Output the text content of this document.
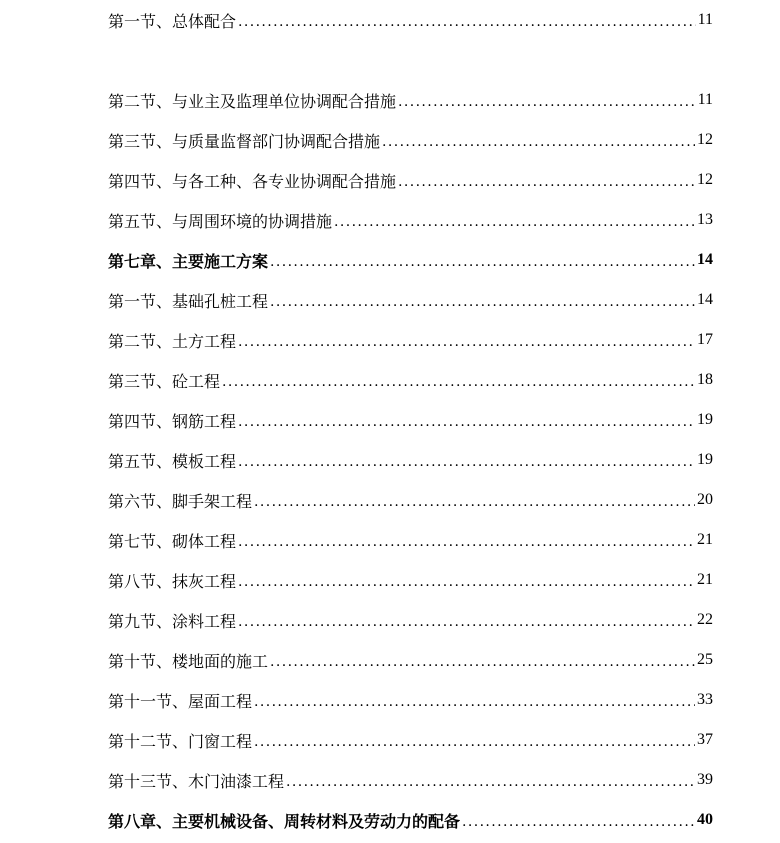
第一节、总体配合 .....	11
第二节、与业主及监理单位协调配合措施 .....	11
第三节、与质量监督部门协调配合措施 .....	12
第四节、与各工种、各专业协调配合措施 .....	12
第五节、与周围环境的协调措施 .....	13
第七章、主要施工方案 .....	14
第一节、基础孔桩工程 .....	14
第二节、土方工程 .....	17
第三节、砼工程 .....	18
第四节、钢筋工程 .....	19
第五节、模板工程 .....	19
第六节、脚手架工程 .....	20
第七节、砌体工程 .....	21
第八节、抹灰工程 .....	21
第九节、涂料工程 .....	22
第十节、楼地面的施工 .....	25
第十一节、屋面工程 .....	33
第十二节、门窗工程 .....	37
第十三节、木门油漆工程 .....	39
第八章、主要机械设备、周转材料及劳动力的配备 .....	40
